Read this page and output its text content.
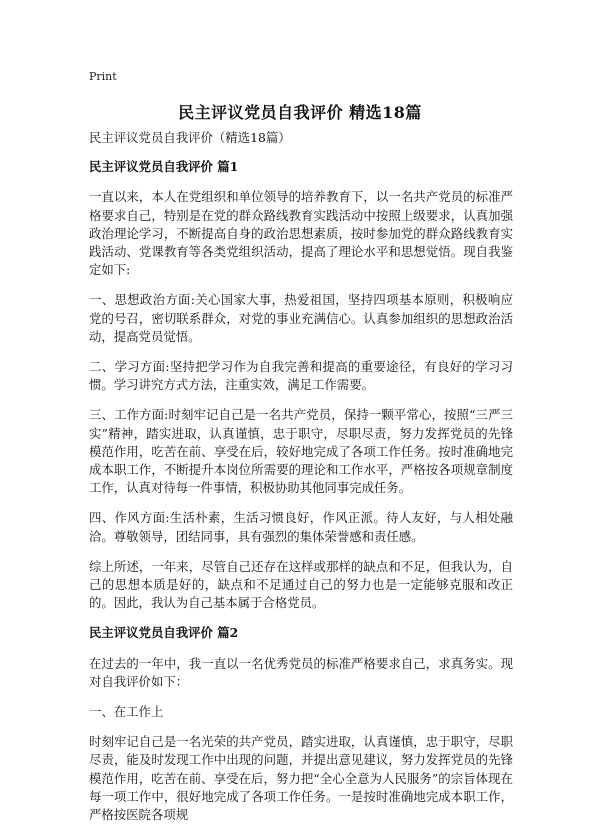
Print
民主评议党员自我评价 精选18篇

民主评议党员自我评价（精选18篇）

民主评议党员自我评价 篇1

一直以来，本人在党组织和单位领导的培养教育下，以一名共产党员的标准严格要求自己，特别是在党的群众路线教育实践活动中按照上级要求，认真加强政治理论学习，不断提高自身的政治思想素质，按时参加党的群众路线教育实践活动、党课教育等各类党组织活动，提高了理论水平和思想觉悟。现自我鉴定如下:

一、思想政治方面:关心国家大事，热爱祖国，坚持四项基本原则，积极响应党的号召，密切联系群众，对党的事业充满信心。认真参加组织的思想政治活动，提高党员觉悟。

二、学习方面:坚持把学习作为自我完善和提高的重要途径，有良好的学习习惯。学习讲究方式方法，注重实效，满足工作需要。

三、工作方面:时刻牢记自己是一名共产党员，保持一颗平常心，按照“三严三实”精神，踏实进取，认真谨慎，忠于职守，尽职尽责，努力发挥党员的先锋模范作用，吃苦在前、享受在后，较好地完成了各项工作任务。按时准确地完成本职工作，不断提升本岗位所需要的理论和工作水平，严格按各项规章制度工作，认真对待每一件事情，积极协助其他同事完成任务。

四、作风方面:生活朴素，生活习惯良好，作风正派。待人友好，与人相处融洽。尊敬领导，团结同事，具有强烈的集体荣誉感和责任感。

综上所述，一年来，尽管自己还存在这样或那样的缺点和不足，但我认为，自己的思想本质是好的，缺点和不足通过自己的努力也是一定能够克服和改正的。因此，我认为自己基本属于合格党员。

民主评议党员自我评价 篇2

在过去的一年中，我一直以一名优秀党员的标准严格要求自己，求真务实。现对自我评价如下：

一、在工作上

时刻牢记自己是一名光荣的共产党员，踏实进取，认真谨慎，忠于职守，尽职尽责，能及时发现工作中出现的问题，并提出意见建议，努力发挥党员的先锋模范作用，吃苦在前、享受在后，努力把“全心全意为人民服务”的宗旨体现在每一项工作中，很好地完成了各项工作任务。一是按时准确地完成本职工作，严格按医院各项规
